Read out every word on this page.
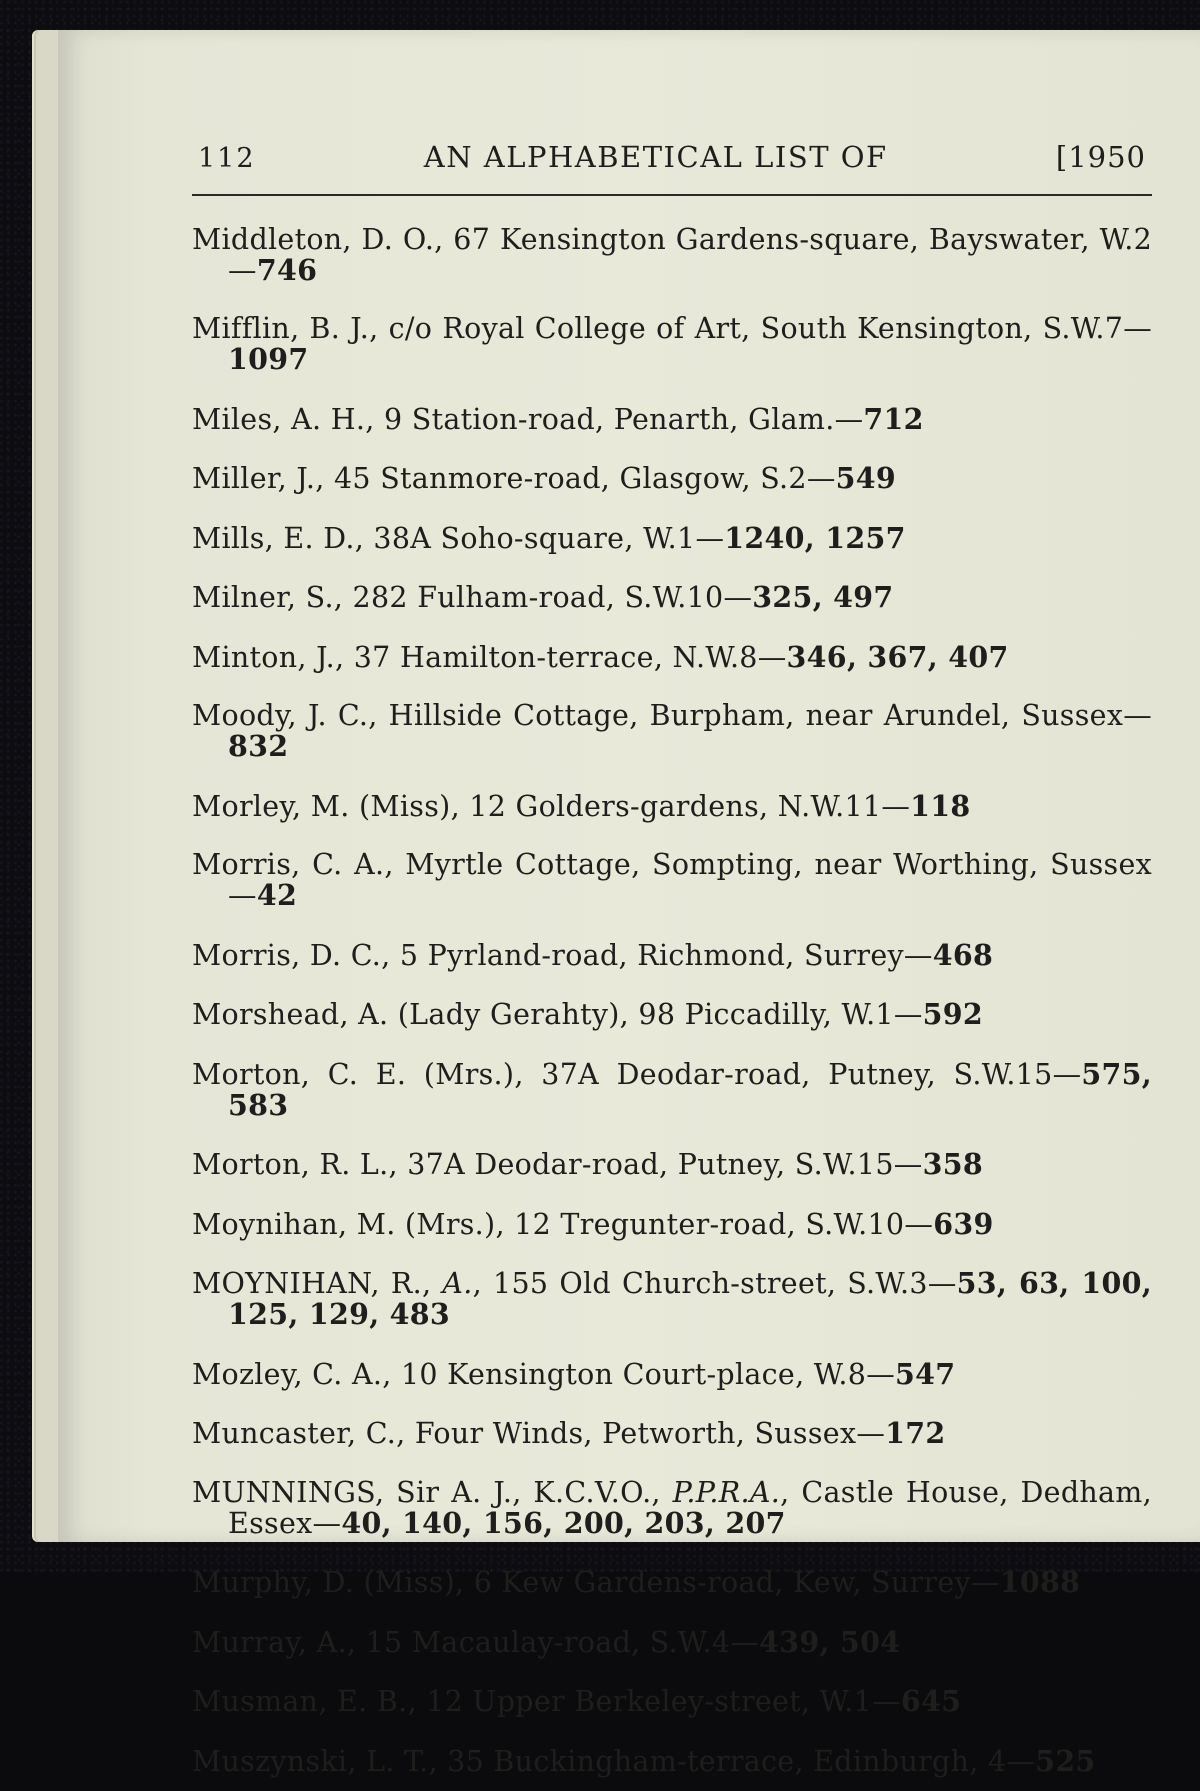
112	AN ALPHABETICAL LIST OF	[1950

Middleton, D. O., 67 Kensington Gardens-square, Bayswater, W.2—746

Mifflin, B. J., c/o Royal College of Art, South Kensington, S.W.7—1097

Miles, A. H., 9 Station-road, Penarth, Glam.—712

Miller, J., 45 Stanmore-road, Glasgow, S.2—549

Mills, E. D., 38A Soho-square, W.1—1240, 1257

Milner, S., 282 Fulham-road, S.W.10—325, 497

Minton, J., 37 Hamilton-terrace, N.W.8—346, 367, 407

Moody, J. C., Hillside Cottage, Burpham, near Arundel, Sussex—832

Morley, M. (Miss), 12 Golders-gardens, N.W.11—118

Morris, C. A., Myrtle Cottage, Sompting, near Worthing, Sussex—42

Morris, D. C., 5 Pyrland-road, Richmond, Surrey—468

Morshead, A. (Lady Gerahty), 98 Piccadilly, W.1—592

Morton, C. E. (Mrs.), 37A Deodar-road, Putney, S.W.15—575, 583

Morton, R. L., 37A Deodar-road, Putney, S.W.15—358

Moynihan, M. (Mrs.), 12 Tregunter-road, S.W.10—639

MOYNIHAN, R., A., 155 Old Church-street, S.W.3—53, 63, 100, 125, 129, 483

Mozley, C. A., 10 Kensington Court-place, W.8—547

Muncaster, C., Four Winds, Petworth, Sussex—172

MUNNINGS, Sir A. J., K.C.V.O., P.P.R.A., Castle House, Dedham, Essex—40, 140, 156, 200, 203, 207

Murphy, D. (Miss), 6 Kew Gardens-road, Kew, Surrey—1088

Murray, A., 15 Macaulay-road, S.W.4—439, 504

Musman, E. B., 12 Upper Berkeley-street, W.1—645

Muszynski, L. T., 35 Buckingham-terrace, Edinburgh, 4—525
